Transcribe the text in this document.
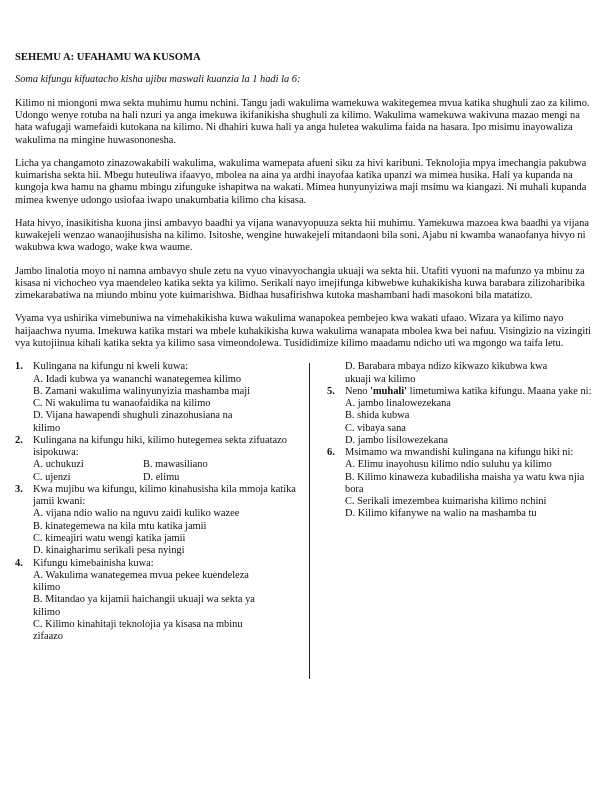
SEHEMU A: UFAHAMU WA KUSOMA
Soma kifungu kifuatacho kisha ujibu maswali kuanzia la 1 hadi la 6:
Kilimo ni miongoni mwa sekta muhimu humu nchini. Tangu jadi wakulima wamekuwa wakitegemea mvua katika shughuli zao za kilimo. Udongo wenye rotuba na hali nzuri ya anga imekuwa ikifanikisha shughuli za kilimo. Wakulima wamekuwa wakivuna mazao mengi na hata wafugaji wamefaidi kutokana na kilimo. Ni dhahiri kuwa hali ya anga huletea wakulima faida na hasara. Ipo misimu inayowaliza wakulima na mingine huwasononesha.
Licha ya changamoto zinazowakabili wakulima, wakulima wamepata afueni siku za hivi karibuni. Teknolojia mpya imechangia pakubwa kuimarisha sekta hii. Mbegu huteuliwa ifaavyo, mbolea na aina ya ardhi inayofaa katika upanzi wa mimea husika. Hali ya kupanda na kungoja kwa hamu na ghamu mbingu zifunguke ishapitwa na wakati. Mimea hunyunyiziwa maji msimu wa kiangazi. Ni muhali kupanda mimea kwenye udongo usiofaa iwapo unakumbatia kilimo cha kisasa.
Hata hivyo, inasikitisha kuona jinsi ambavyo baadhi ya vijana wanavyopuuza sekta hii muhimu. Yamekuwa mazoea kwa baadhi ya vijana kuwakejeli wenzao wanaojihusisha na kilimo. Isitoshe, wengine huwakejeli mitandaoni bila soni. Ajabu ni kwamba wanaofanya hivyo ni wakubwa kwa wadogo, wake kwa waume.
Jambo linalotia moyo ni namna ambavyo shule zetu na vyuo vinavyochangia ukuaji wa sekta hii. Utafiti vyuoni na mafunzo ya mbinu za kisasa ni vichocheo vya maendeleo katika sekta ya kilimo. Serikali nayo imejifunga kibwebwe kuhakikisha kuwa barabara zilizoharibika zimekarabatiwa na miundo mbinu yote kuimarishwa. Bidhaa husafirishwa kutoka mashambani hadi masokoni bila matatizo.
Vyama vya ushirika vimebuniwa na vimehakikisha kuwa wakulima wanapokea pembejeo kwa wakati ufaao. Wizara ya kilimo nayo haijaachwa nyuma. Imekuwa katika mstari wa mbele kuhakikisha kuwa wakulima wanapata mbolea kwa bei nafuu. Visingizio na vizingiti vya kutojiinua kihali katika sekta ya kilimo sasa vimeondolewa. Tusididimize kilimo maadamu ndicho uti wa mgongo wa taifa letu.
1. Kulingana na kifungu ni kweli kuwa:
A. Idadi kubwa ya wananchi wanategemea kilimo
B. Zamani wakulima walinyunyizia mashamba maji
C. Ni wakulima tu wanaofaidika na kilimo
D. Vijana hawapendi shughuli zinazohusiana na
kilimo
2. Kulingana na kifungu hiki, kilimo hutegemea sekta zifuatazo isipokuwa:
A. uchukuzi	B. mawasiliano
C. ujenzi	D. elimu
3. Kwa mujibu wa kifungu, kilimo kinahusisha kila mmoja katika jamii kwani:
A. vijana ndio walio na nguvu zaidi kuliko wazee
B. kinategemewa na kila mtu katika jamii
C. kimeajiri watu wengi katika jamii
D. kinaigharimu serikali pesa nyingi
4. Kifungu kimebainisha kuwa:
A. Wakulima wanategemea mvua pekee kuendeleza
kilimo
B. Mitandao ya kijamii haichangii ukuaji wa sekta ya
kilimo
C. Kilimo kinahitaji teknolojia ya kisasa na mbinu
zifaazo
D. Barabara mbaya ndizo kikwazo kikubwa kwa
ukuaji wa kilimo
5. Neno 'muhali' limetumiwa katika kifungu. Maana yake ni:
A. jambo linalowezekana
B. shida kubwa
C. vibaya sana
D. jambo lisilowezekana
6. Msimamo wa mwandishi kulingana na kifungu hiki ni:
A. Elimu inayohusu kilimo ndio suluhu ya kilimo
B. Kilimo kinaweza kubadilisha maisha ya watu kwa njia bora
C. Serikali imezembea kuimarisha kilimo nchini
D. Kilimo kifanywe na walio na mashamba tu
